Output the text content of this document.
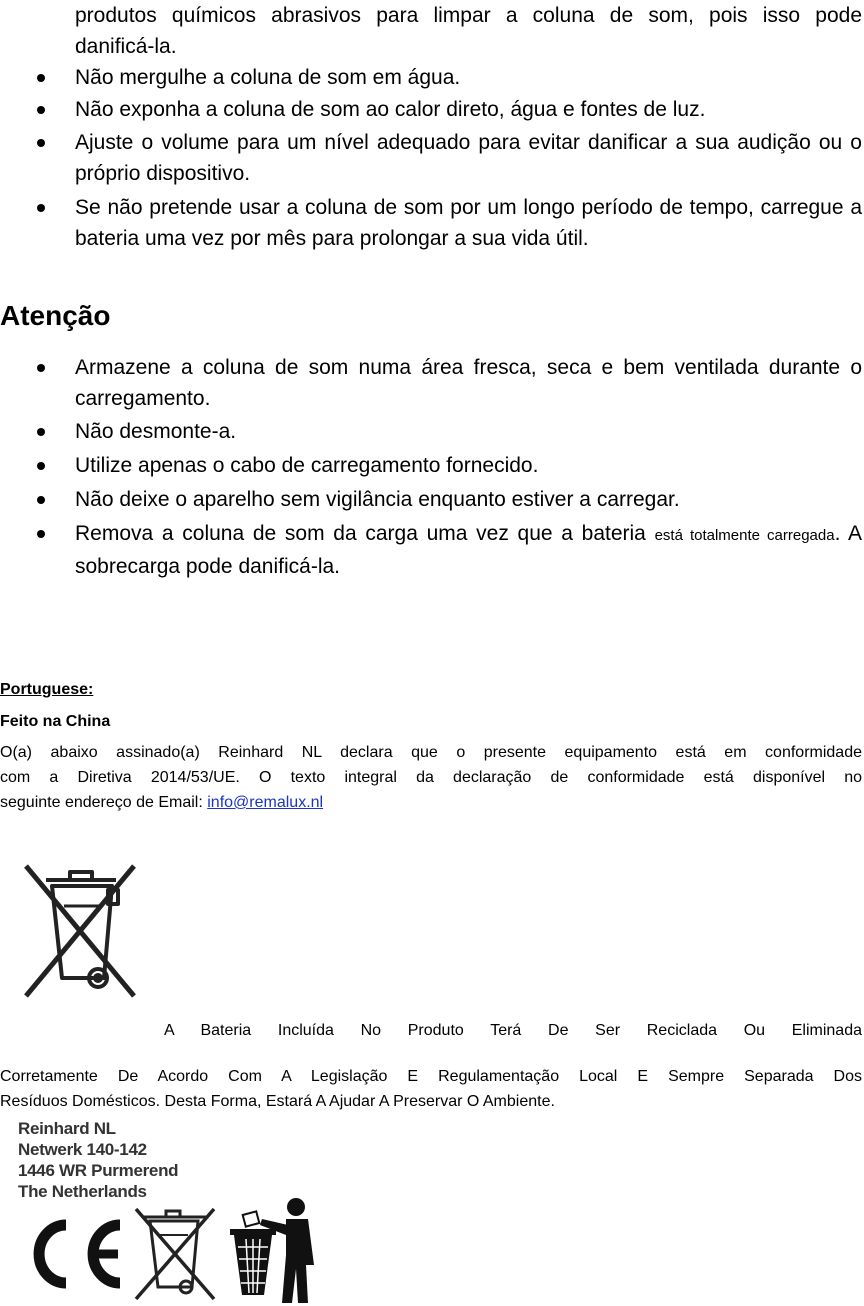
produtos químicos abrasivos para limpar a coluna de som, pois isso pode
danificá-la.
Não mergulhe a coluna de som em água.
Não exponha a coluna de som ao calor direto, água e fontes de luz.
Ajuste o volume para um nível adequado para evitar danificar a sua audição ou o próprio dispositivo.
Se não pretende usar a coluna de som por um longo período de tempo, carregue a bateria uma vez por mês para prolongar a sua vida útil.
Atenção
Armazene a coluna de som numa área fresca, seca e bem ventilada durante o carregamento.
Não desmonte-a.
Utilize apenas o cabo de carregamento fornecido.
Não deixe o aparelho sem vigilância enquanto estiver a carregar.
Remova a coluna de som da carga uma vez que a bateria está totalmente carregada. A sobrecarga pode danificá-la.
Portuguese:
Feito na China
O(a) abaixo assinado(a) Reinhard NL declara que o presente equipamento está em conformidade
com a Diretiva 2014/53/UE. O texto integral da declaração de conformidade está disponível no
seguinte endereço de Email: info@remalux.nl
A Bateria Incluída No Produto Terá De Ser Reciclada Ou Eliminada
Corretamente De Acordo Com A Legislação E Regulamentação Local E Sempre Separada Dos
Resíduos Domésticos. Desta Forma, Estará A Ajudar A Preservar O Ambiente.
Reinhard NL
Netwerk 140-142
1446 WR Purmerend
The Netherlands
